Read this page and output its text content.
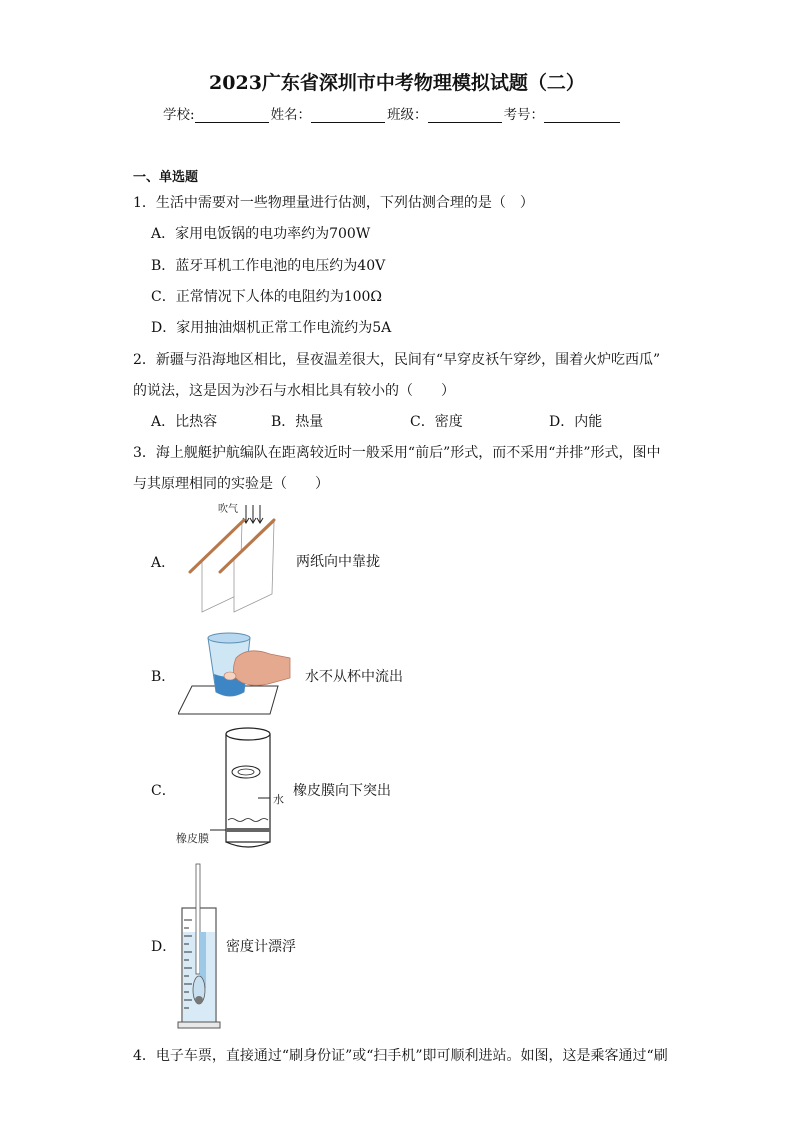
2023广东省深圳市中考物理模拟试题（二）
学校:	姓名：	班级：	考号：
一、单选题
1．生活中需要对一些物理量进行估测，下列估测合理的是（　）
A．家用电饭锅的电功率约为700W
B．蓝牙耳机工作电池的电压约为40V
C．正常情况下人体的电阻约为100Ω
D．家用抽油烟机正常工作电流约为5A
2．新疆与沿海地区相比，昼夜温差很大，民间有“早穿皮袄午穿纱，围着火炉吃西瓜”
的说法，这是因为沙石与水相比具有较小的（　　）
A．比热容	B．热量	C．密度	D．内能
3．海上舰艇护航编队在距离较近时一般采用“前后”形式，而不采用“并排”形式，图中
与其原理相同的实验是（　　）
A．
吹气
两纸向中靠拢
B．	水不从杯中流出
C．
水
橡皮膜
橡皮膜向下突出
D．	密度计漂浮
4．电子车票，直接通过“刷身份证”或“扫手机”即可顺利进站。如图，这是乘客通过“刷
